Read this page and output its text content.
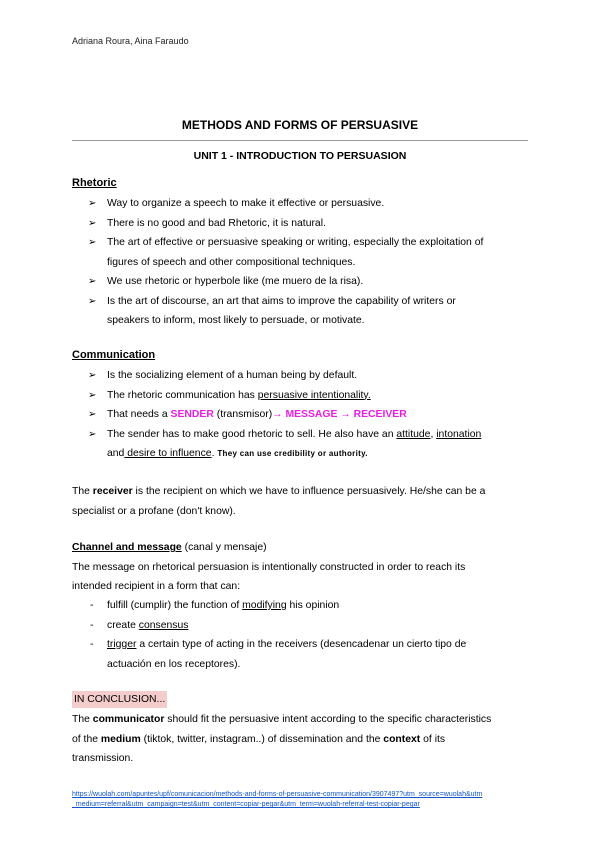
Adriana Roura, Aina Faraudo
METHODS AND FORMS OF PERSUASIVE
UNIT 1 - INTRODUCTION TO PERSUASION
Rhetoric
➢ Way to organize a speech to make it effective or persuasive.
➢ There is no good and bad Rhetoric, it is natural.
➢ The art of effective or persuasive speaking or writing, especially the exploitation of
figures of speech and other compositional techniques.
➢ We use rhetoric or hyperbole like (me muero de la risa).
➢ Is the art of discourse, an art that aims to improve the capability of writers or
speakers to inform, most likely to persuade, or motivate.
Communication
➢ Is the socializing element of a human being by default.
➢ The rhetoric communication has persuasive intentionality.
➢ That needs a SENDER (transmisor)→ MESSAGE → RECEIVER
➢ The sender has to make good rhetoric to sell. He also have an attitude, intonation
and desire to influence. They can use credibility or authority.
The receiver is the recipient on which we have to influence persuasively. He/she can be a
specialist or a profane (don't know).
Channel and message (canal y mensaje)
The message on rhetorical persuasion is intentionally constructed in order to reach its
intended recipient in a form that can:
- fulfill (cumplir) the function of modifying his opinion
- create consensus
- trigger a certain type of acting in the receivers (desencadenar un cierto tipo de
actuación en los receptores).
IN CONCLUSION...
The communicator should fit the persuasive intent according to the specific characteristics
of the medium (tiktok, twitter, instagram..) of dissemination and the context of its
transmission.
https://wuolah.com/apuntes/upf/comunicacion/methods-and-forms-of-persuasive-communication/3907497?utm_source=wuolah&utm
_medium=referral&utm_campaign=test&utm_content=copiar-pegar&utm_term=wuolah-referral-test-copiar-pegar
